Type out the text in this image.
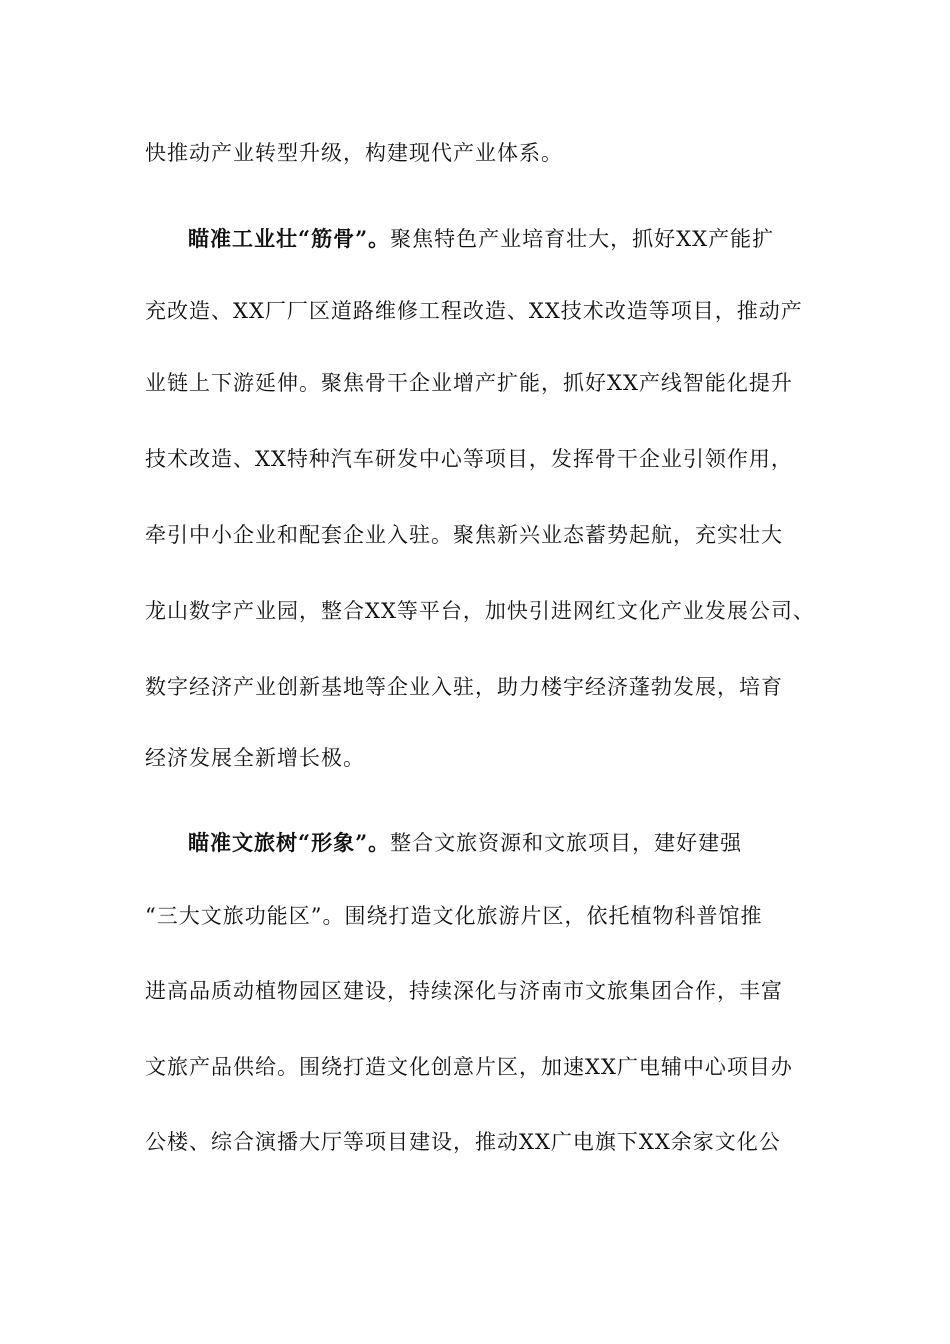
快推动产业转型升级，构建现代产业体系。
瞄准工业壮“筋骨”。聚焦特色产业培育壮大，抓好XX产能扩
充改造、XX厂厂区道路维修工程改造、XX技术改造等项目，推动产
业链上下游延伸。聚焦骨干企业增产扩能，抓好XX产线智能化提升
技术改造、XX特种汽车研发中心等项目，发挥骨干企业引领作用，
牵引中小企业和配套企业入驻。聚焦新兴业态蓄势起航，充实壮大
龙山数字产业园，整合XX等平台，加快引进网红文化产业发展公司、
数字经济产业创新基地等企业入驻，助力楼宇经济蓬勃发展，培育
经济发展全新增长极。
瞄准文旅树“形象”。整合文旅资源和文旅项目，建好建强
“三大文旅功能区”。围绕打造文化旅游片区，依托植物科普馆推
进高品质动植物园区建设，持续深化与济南市文旅集团合作，丰富
文旅产品供给。围绕打造文化创意片区，加速XX广电辅中心项目办
公楼、综合演播大厅等项目建设，推动XX广电旗下XX余家文化公
